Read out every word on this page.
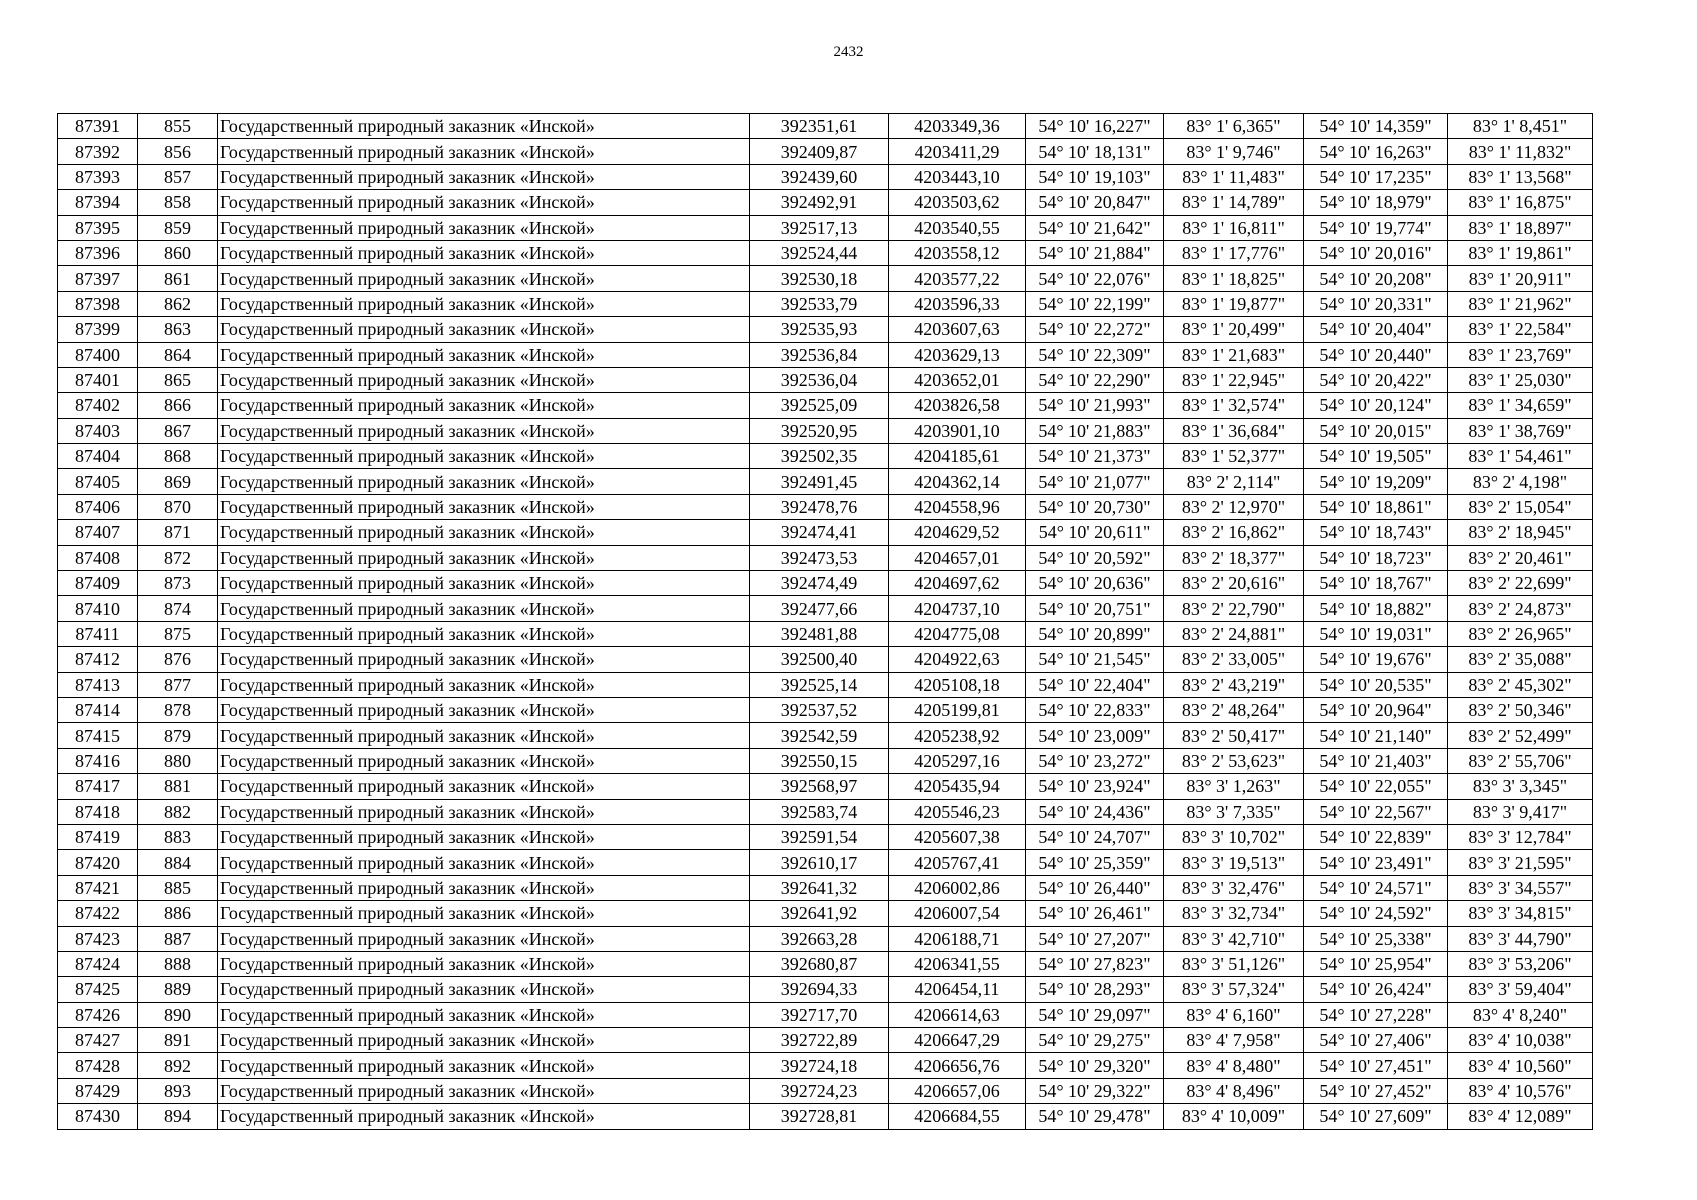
2432
87391	855	Государственный природный заказник «Инской»	392351,61	4203349,36	54° 10' 16,227"	83° 1' 6,365"	54° 10' 14,359"	83° 1' 8,451"
87392	856	Государственный природный заказник «Инской»	392409,87	4203411,29	54° 10' 18,131"	83° 1' 9,746"	54° 10' 16,263"	83° 1' 11,832"
87393	857	Государственный природный заказник «Инской»	392439,60	4203443,10	54° 10' 19,103"	83° 1' 11,483"	54° 10' 17,235"	83° 1' 13,568"
87394	858	Государственный природный заказник «Инской»	392492,91	4203503,62	54° 10' 20,847"	83° 1' 14,789"	54° 10' 18,979"	83° 1' 16,875"
87395	859	Государственный природный заказник «Инской»	392517,13	4203540,55	54° 10' 21,642"	83° 1' 16,811"	54° 10' 19,774"	83° 1' 18,897"
87396	860	Государственный природный заказник «Инской»	392524,44	4203558,12	54° 10' 21,884"	83° 1' 17,776"	54° 10' 20,016"	83° 1' 19,861"
87397	861	Государственный природный заказник «Инской»	392530,18	4203577,22	54° 10' 22,076"	83° 1' 18,825"	54° 10' 20,208"	83° 1' 20,911"
87398	862	Государственный природный заказник «Инской»	392533,79	4203596,33	54° 10' 22,199"	83° 1' 19,877"	54° 10' 20,331"	83° 1' 21,962"
87399	863	Государственный природный заказник «Инской»	392535,93	4203607,63	54° 10' 22,272"	83° 1' 20,499"	54° 10' 20,404"	83° 1' 22,584"
87400	864	Государственный природный заказник «Инской»	392536,84	4203629,13	54° 10' 22,309"	83° 1' 21,683"	54° 10' 20,440"	83° 1' 23,769"
87401	865	Государственный природный заказник «Инской»	392536,04	4203652,01	54° 10' 22,290"	83° 1' 22,945"	54° 10' 20,422"	83° 1' 25,030"
87402	866	Государственный природный заказник «Инской»	392525,09	4203826,58	54° 10' 21,993"	83° 1' 32,574"	54° 10' 20,124"	83° 1' 34,659"
87403	867	Государственный природный заказник «Инской»	392520,95	4203901,10	54° 10' 21,883"	83° 1' 36,684"	54° 10' 20,015"	83° 1' 38,769"
87404	868	Государственный природный заказник «Инской»	392502,35	4204185,61	54° 10' 21,373"	83° 1' 52,377"	54° 10' 19,505"	83° 1' 54,461"
87405	869	Государственный природный заказник «Инской»	392491,45	4204362,14	54° 10' 21,077"	83° 2' 2,114"	54° 10' 19,209"	83° 2' 4,198"
87406	870	Государственный природный заказник «Инской»	392478,76	4204558,96	54° 10' 20,730"	83° 2' 12,970"	54° 10' 18,861"	83° 2' 15,054"
87407	871	Государственный природный заказник «Инской»	392474,41	4204629,52	54° 10' 20,611"	83° 2' 16,862"	54° 10' 18,743"	83° 2' 18,945"
87408	872	Государственный природный заказник «Инской»	392473,53	4204657,01	54° 10' 20,592"	83° 2' 18,377"	54° 10' 18,723"	83° 2' 20,461"
87409	873	Государственный природный заказник «Инской»	392474,49	4204697,62	54° 10' 20,636"	83° 2' 20,616"	54° 10' 18,767"	83° 2' 22,699"
87410	874	Государственный природный заказник «Инской»	392477,66	4204737,10	54° 10' 20,751"	83° 2' 22,790"	54° 10' 18,882"	83° 2' 24,873"
87411	875	Государственный природный заказник «Инской»	392481,88	4204775,08	54° 10' 20,899"	83° 2' 24,881"	54° 10' 19,031"	83° 2' 26,965"
87412	876	Государственный природный заказник «Инской»	392500,40	4204922,63	54° 10' 21,545"	83° 2' 33,005"	54° 10' 19,676"	83° 2' 35,088"
87413	877	Государственный природный заказник «Инской»	392525,14	4205108,18	54° 10' 22,404"	83° 2' 43,219"	54° 10' 20,535"	83° 2' 45,302"
87414	878	Государственный природный заказник «Инской»	392537,52	4205199,81	54° 10' 22,833"	83° 2' 48,264"	54° 10' 20,964"	83° 2' 50,346"
87415	879	Государственный природный заказник «Инской»	392542,59	4205238,92	54° 10' 23,009"	83° 2' 50,417"	54° 10' 21,140"	83° 2' 52,499"
87416	880	Государственный природный заказник «Инской»	392550,15	4205297,16	54° 10' 23,272"	83° 2' 53,623"	54° 10' 21,403"	83° 2' 55,706"
87417	881	Государственный природный заказник «Инской»	392568,97	4205435,94	54° 10' 23,924"	83° 3' 1,263"	54° 10' 22,055"	83° 3' 3,345"
87418	882	Государственный природный заказник «Инской»	392583,74	4205546,23	54° 10' 24,436"	83° 3' 7,335"	54° 10' 22,567"	83° 3' 9,417"
87419	883	Государственный природный заказник «Инской»	392591,54	4205607,38	54° 10' 24,707"	83° 3' 10,702"	54° 10' 22,839"	83° 3' 12,784"
87420	884	Государственный природный заказник «Инской»	392610,17	4205767,41	54° 10' 25,359"	83° 3' 19,513"	54° 10' 23,491"	83° 3' 21,595"
87421	885	Государственный природный заказник «Инской»	392641,32	4206002,86	54° 10' 26,440"	83° 3' 32,476"	54° 10' 24,571"	83° 3' 34,557"
87422	886	Государственный природный заказник «Инской»	392641,92	4206007,54	54° 10' 26,461"	83° 3' 32,734"	54° 10' 24,592"	83° 3' 34,815"
87423	887	Государственный природный заказник «Инской»	392663,28	4206188,71	54° 10' 27,207"	83° 3' 42,710"	54° 10' 25,338"	83° 3' 44,790"
87424	888	Государственный природный заказник «Инской»	392680,87	4206341,55	54° 10' 27,823"	83° 3' 51,126"	54° 10' 25,954"	83° 3' 53,206"
87425	889	Государственный природный заказник «Инской»	392694,33	4206454,11	54° 10' 28,293"	83° 3' 57,324"	54° 10' 26,424"	83° 3' 59,404"
87426	890	Государственный природный заказник «Инской»	392717,70	4206614,63	54° 10' 29,097"	83° 4' 6,160"	54° 10' 27,228"	83° 4' 8,240"
87427	891	Государственный природный заказник «Инской»	392722,89	4206647,29	54° 10' 29,275"	83° 4' 7,958"	54° 10' 27,406"	83° 4' 10,038"
87428	892	Государственный природный заказник «Инской»	392724,18	4206656,76	54° 10' 29,320"	83° 4' 8,480"	54° 10' 27,451"	83° 4' 10,560"
87429	893	Государственный природный заказник «Инской»	392724,23	4206657,06	54° 10' 29,322"	83° 4' 8,496"	54° 10' 27,452"	83° 4' 10,576"
87430	894	Государственный природный заказник «Инской»	392728,81	4206684,55	54° 10' 29,478"	83° 4' 10,009"	54° 10' 27,609"	83° 4' 12,089"
